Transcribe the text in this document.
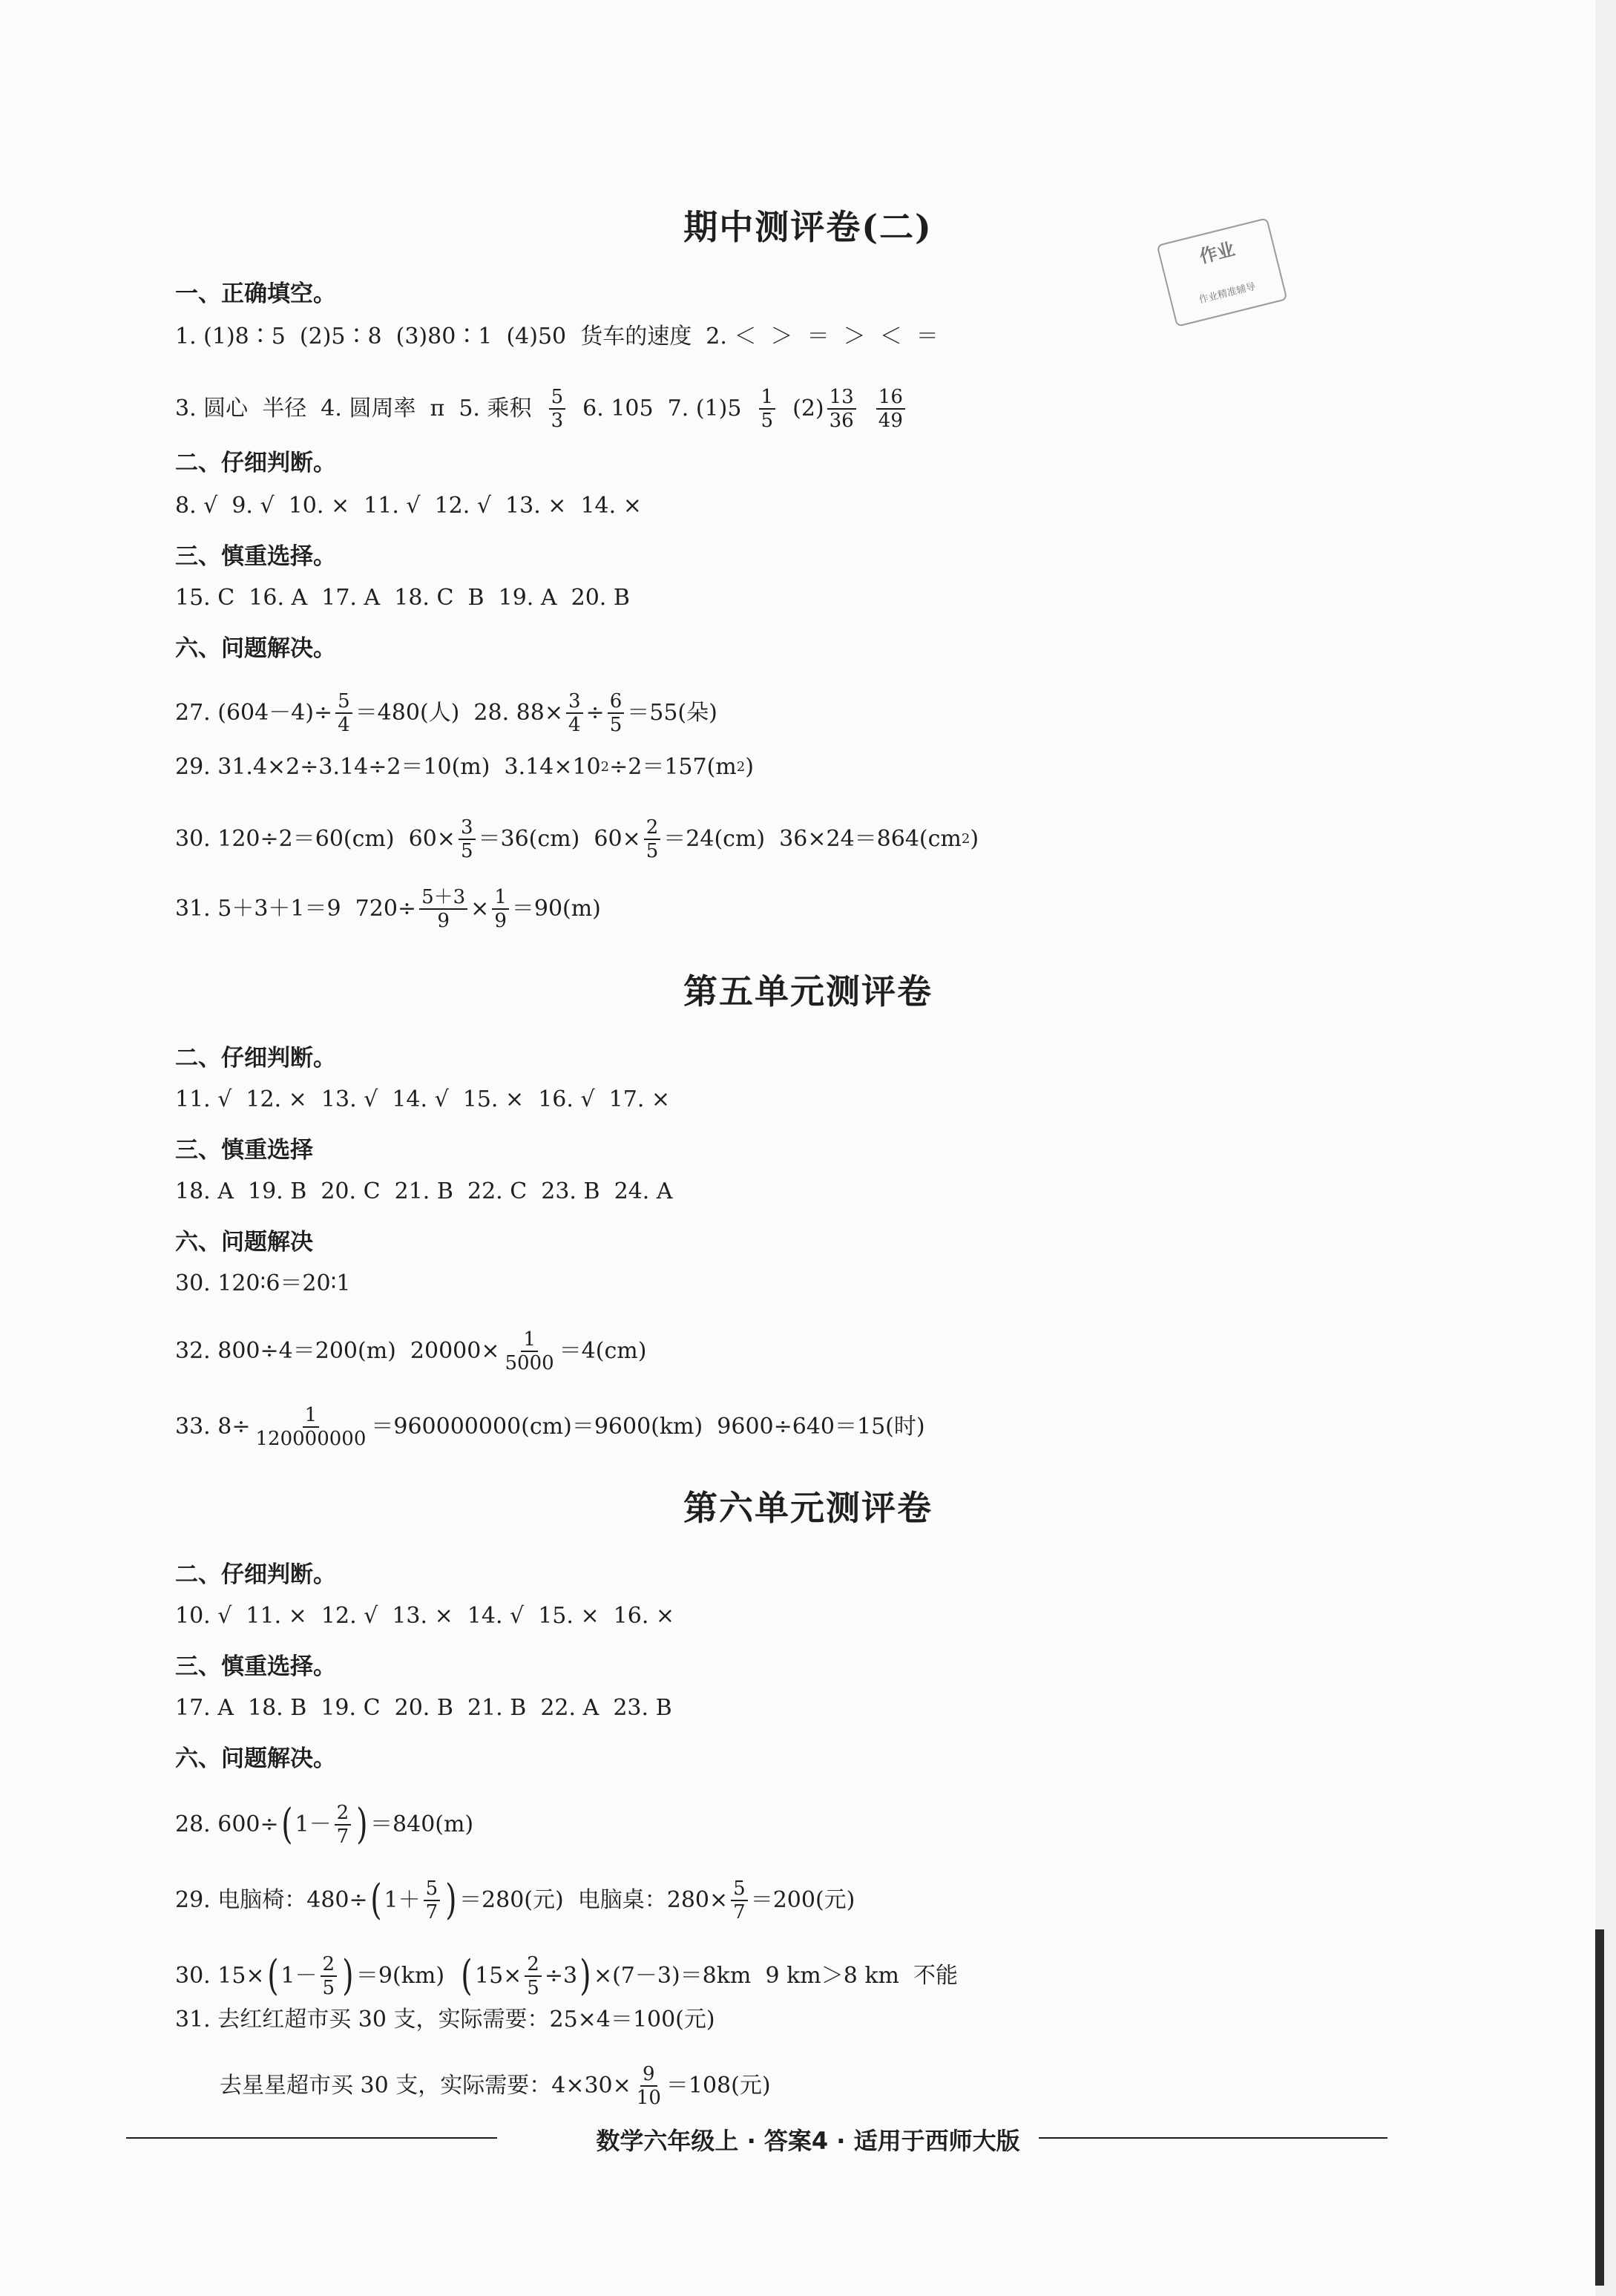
作业
作业精准辅导
期中测评卷(二)
一、正确填空。
1. (1)8∶5  (2)5∶8  (3)80∶1  (4)50  货车的速度  2. ＜  ＞  ＝  ＞  ＜  ＝
3. 圆心  半径  4. 圆周率  π  5. 乘积 $\frac{5}{3} 6$. 105  7. $(1)5 \frac{1}{5} (2) \frac{13}{36}$
$\frac{16}{49}$
二、仔细判断。
8. √  9. √  10. ×  11. √  12. √  13. ×  14. ×
三、慎重选择。
15. C  16. A  17. A  18. C  B  19. A  20. B
六、问题解决。
27. $(604-4)\div \frac{5}{4} =480$(人)  28. $88\times \frac{3}{4} \div \frac{6}{5} =55$(朵)
29. 31.4×2÷3.14÷2＝10(m)  3.14×10 2 ÷2＝157(m 2 )
30. 120÷2＝60(cm)  $60\times \frac{3}{5} =36(cm)$  $60\times \frac{2}{5} =24(cm)$  36×24＝864(cm 2 )
31. 5＋3＋1＝9  $720\div \frac{5+3}{9} \times \frac{1}{9} =90(m)$
第五单元测评卷
二、仔细判断。
11. √  12. ×  13. √  14. √  15. ×  16. √  17. ×
三、慎重选择
18. A  19. B  20. C  21. B  22. C  23. B  24. A
六、问题解决
30. 120∶6＝20∶1
32. 800÷4＝200(m)  $20000\times \frac{1}{5000} =4(cm)$
33. $8\div \frac{1}{120000000} =960000000(cm)=9600(km)$  9600÷640＝15(时)
第六单元测评卷
二、仔细判断。
10. √  11. ×  12. √  13. ×  14. √  15. ×  16. ×
三、慎重选择。
17. A  18. B  19. C  20. B  21. B  22. A  23. B
六、问题解决。
28. 600÷ ( $1- \frac{2}{7}$ ) ＝840(m)
29. 电脑椅：480÷ ( $1+ \frac{5}{7}$ ) ＝280(元)  电脑桌：$280\times \frac{5}{7} =200$(元)
30. 15× ( $1- \frac{2}{5}$ ) ＝9(km) ( $15\times \frac{2}{5} \div 3$ ) ×(7－3)＝8km  9 km＞8 km  不能
31. 去红红超市买 30 支，实际需要：25×4＝100(元)
去星星超市买 30 支，实际需要：$4\times 30\times \frac{9}{10} =108$(元)
数学六年级上 · 答案4 · 适用于西师大版
